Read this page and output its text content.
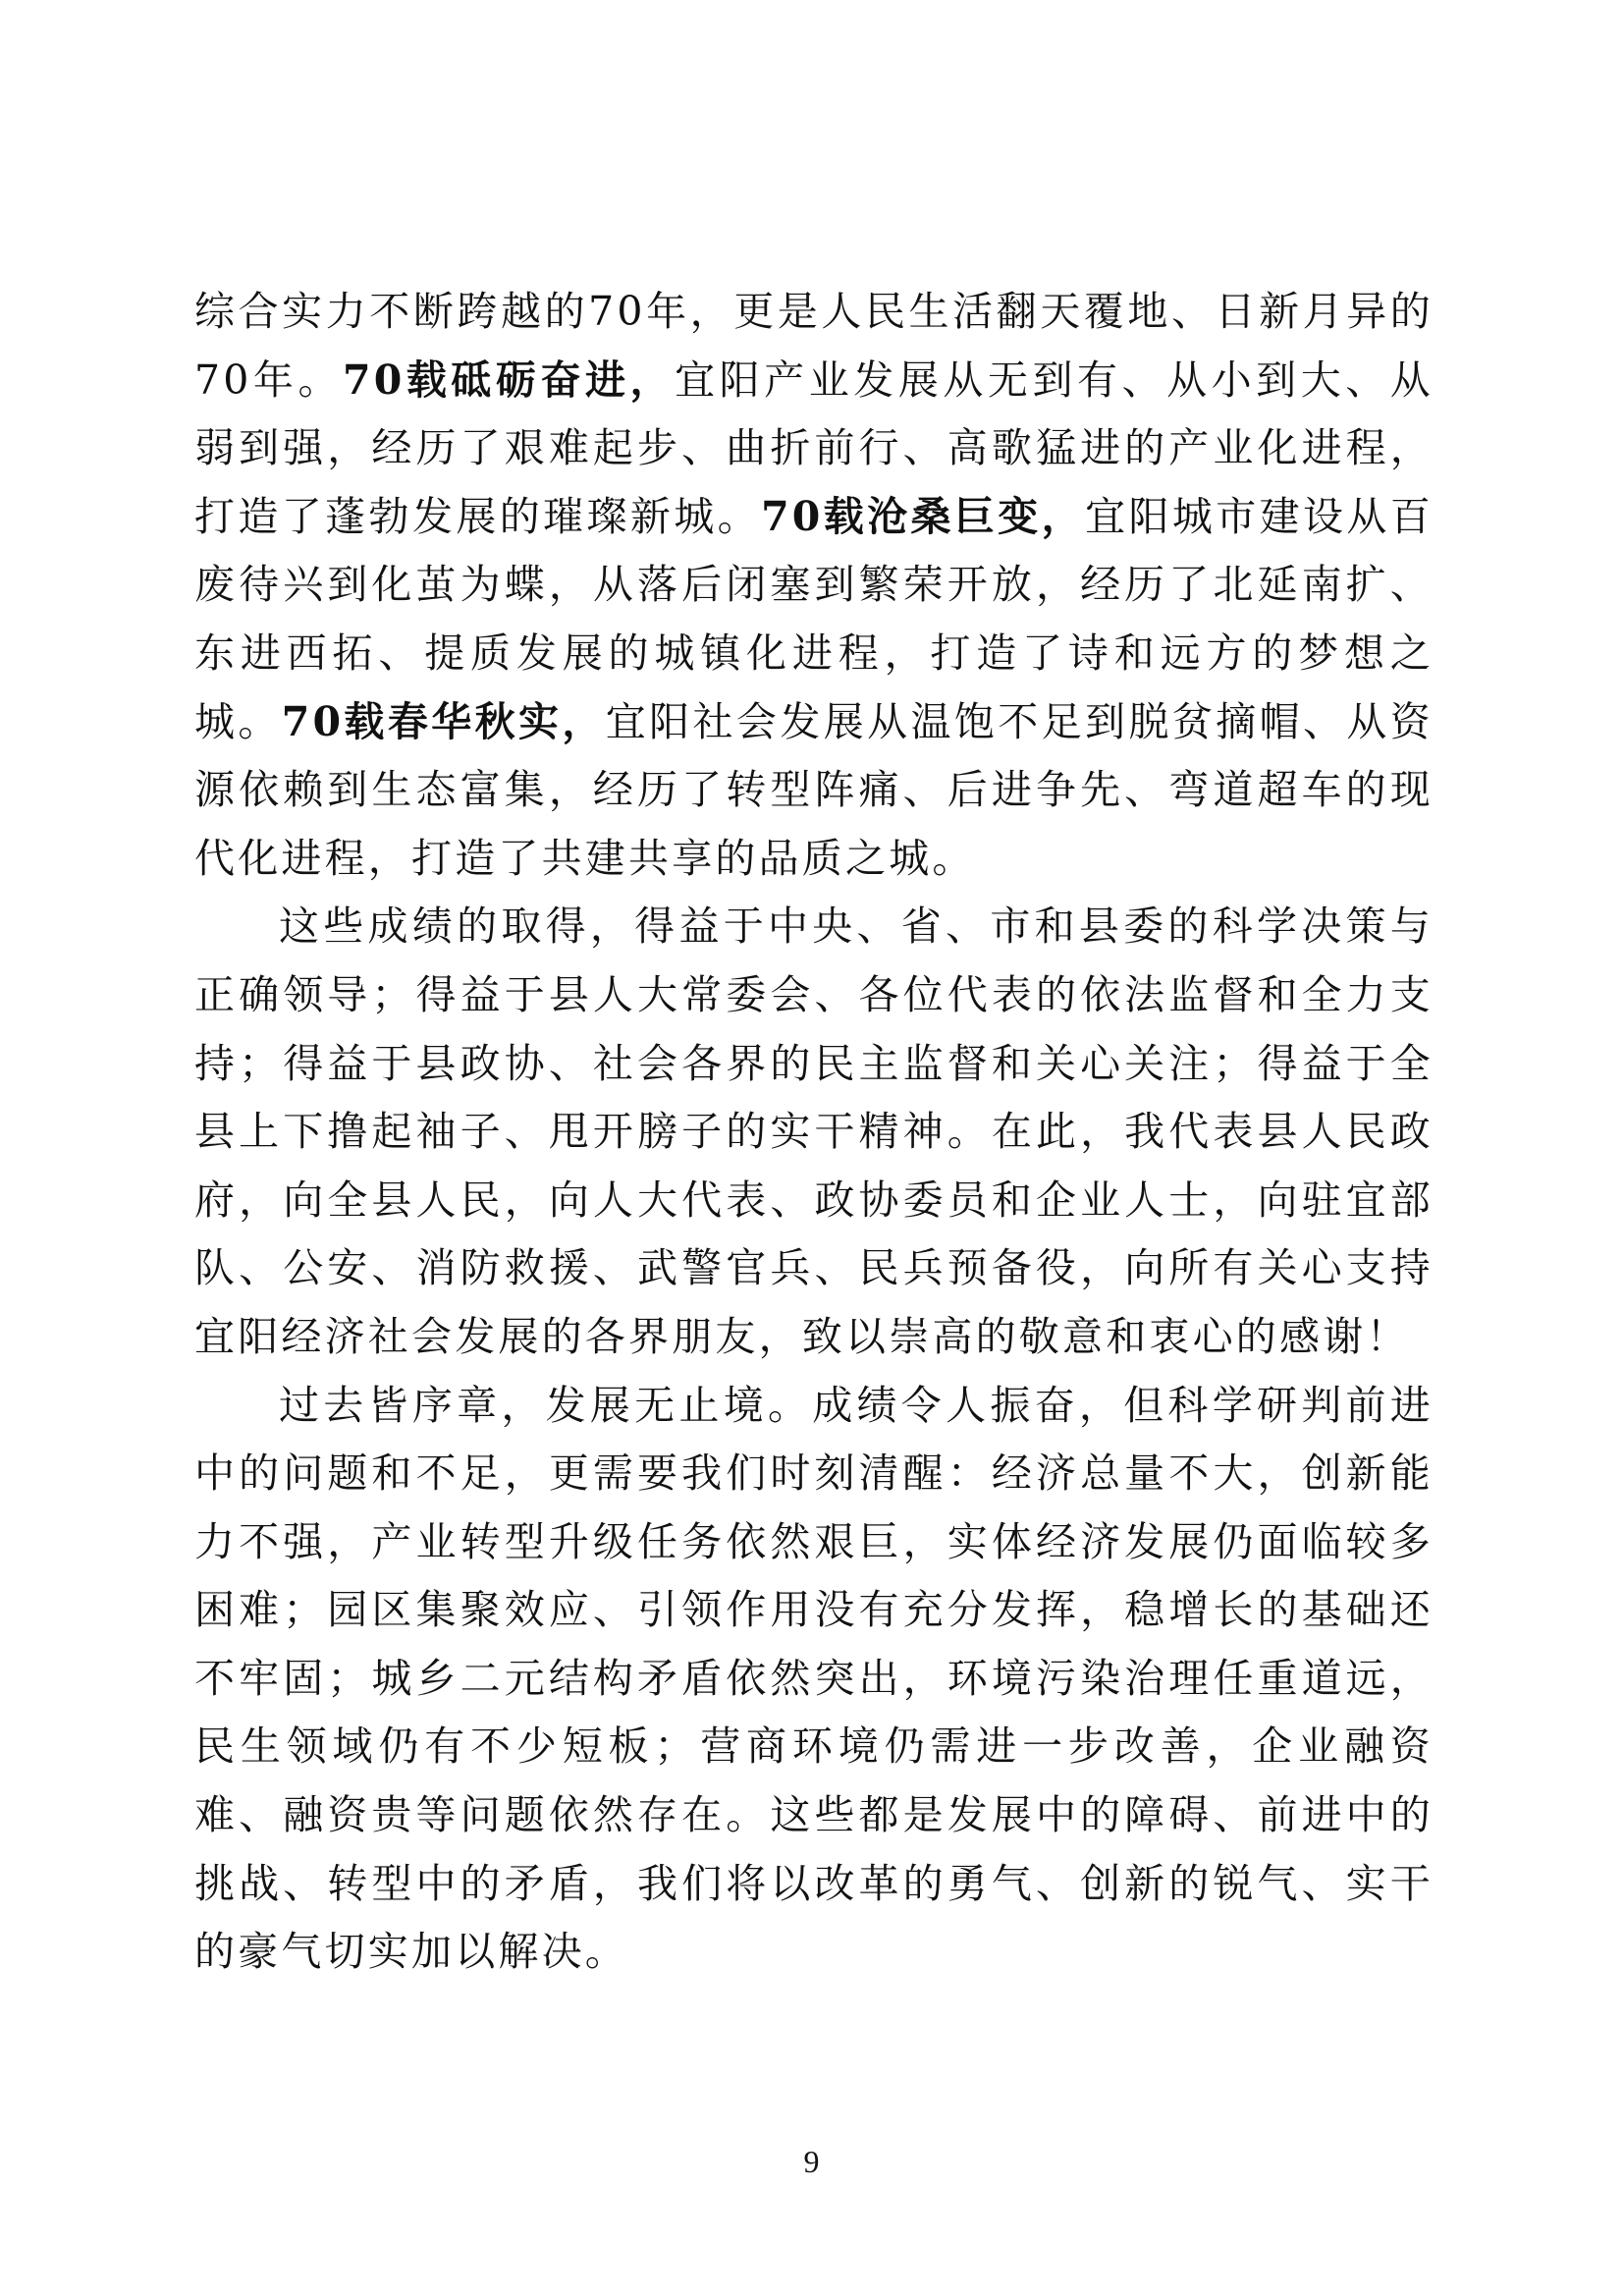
综合实力不断跨越的70年，更是人民生活翻天覆地、日新月异的70年。70载砥砺奋进，宜阳产业发展从无到有、从小到大、从弱到强，经历了艰难起步、曲折前行、高歌猛进的产业化进程，打造了蓬勃发展的璀璨新城。70载沧桑巨变，宜阳城市建设从百废待兴到化茧为蝶，从落后闭塞到繁荣开放，经历了北延南扩、东进西拓、提质发展的城镇化进程，打造了诗和远方的梦想之城。70载春华秋实，宜阳社会发展从温饱不足到脱贫摘帽、从资源依赖到生态富集，经历了转型阵痛、后进争先、弯道超车的现代化进程，打造了共建共享的品质之城。

这些成绩的取得，得益于中央、省、市和县委的科学决策与正确领导；得益于县人大常委会、各位代表的依法监督和全力支持；得益于县政协、社会各界的民主监督和关心关注；得益于全县上下撸起袖子、甩开膀子的实干精神。在此，我代表县人民政府，向全县人民，向人大代表、政协委员和企业人士，向驻宜部队、公安、消防救援、武警官兵、民兵预备役，向所有关心支持宜阳经济社会发展的各界朋友，致以崇高的敬意和衷心的感谢！

过去皆序章，发展无止境。成绩令人振奋，但科学研判前进中的问题和不足，更需要我们时刻清醒：经济总量不大，创新能力不强，产业转型升级任务依然艰巨，实体经济发展仍面临较多困难；园区集聚效应、引领作用没有充分发挥，稳增长的基础还不牢固；城乡二元结构矛盾依然突出，环境污染治理任重道远，民生领域仍有不少短板；营商环境仍需进一步改善，企业融资难、融资贵等问题依然存在。这些都是发展中的障碍、前进中的挑战、转型中的矛盾，我们将以改革的勇气、创新的锐气、实干的豪气切实加以解决。

9
